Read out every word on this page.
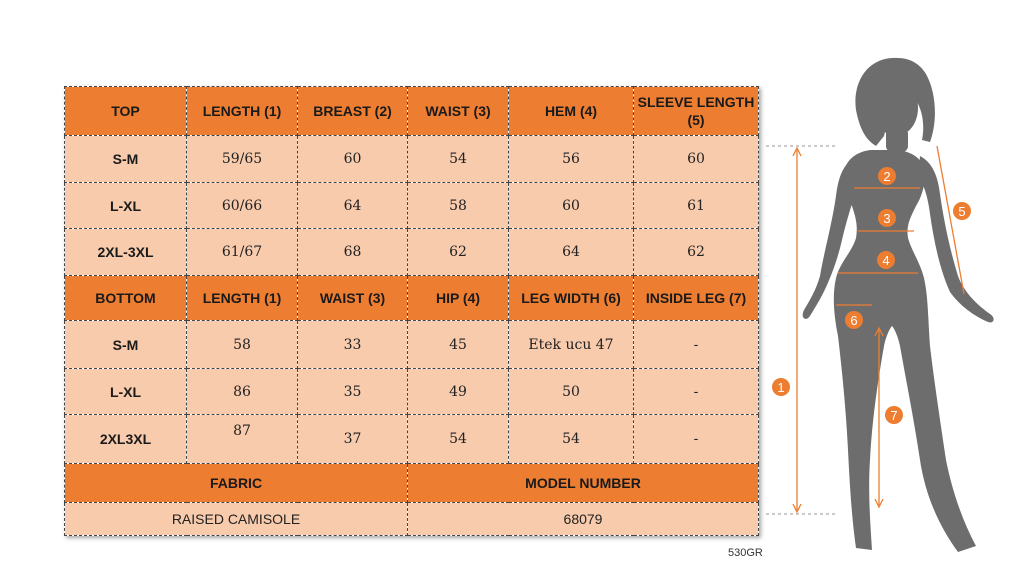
TOP	LENGTH (1)	BREAST (2)	WAIST (3)	HEM (4)	SLEEVE LENGTH (5)
S-M	59/65	60	54	56	60
L-XL	60/66	64	58	60	61
2XL-3XL	61/67	68	62	64	62
BOTTOM	LENGTH (1)	WAIST (3)	HIP (4)	LEG WIDTH (6)	INSIDE LEG (7)
S-M	58	33	45	Etek ucu 47	-
L-XL	86	35	49	50	-
2XL3XL	87	37	54	54	-
FABRIC			MODEL NUMBER		
RAISED CAMISOLE			68079		
530GR
1
2
3
4
5
6
7
